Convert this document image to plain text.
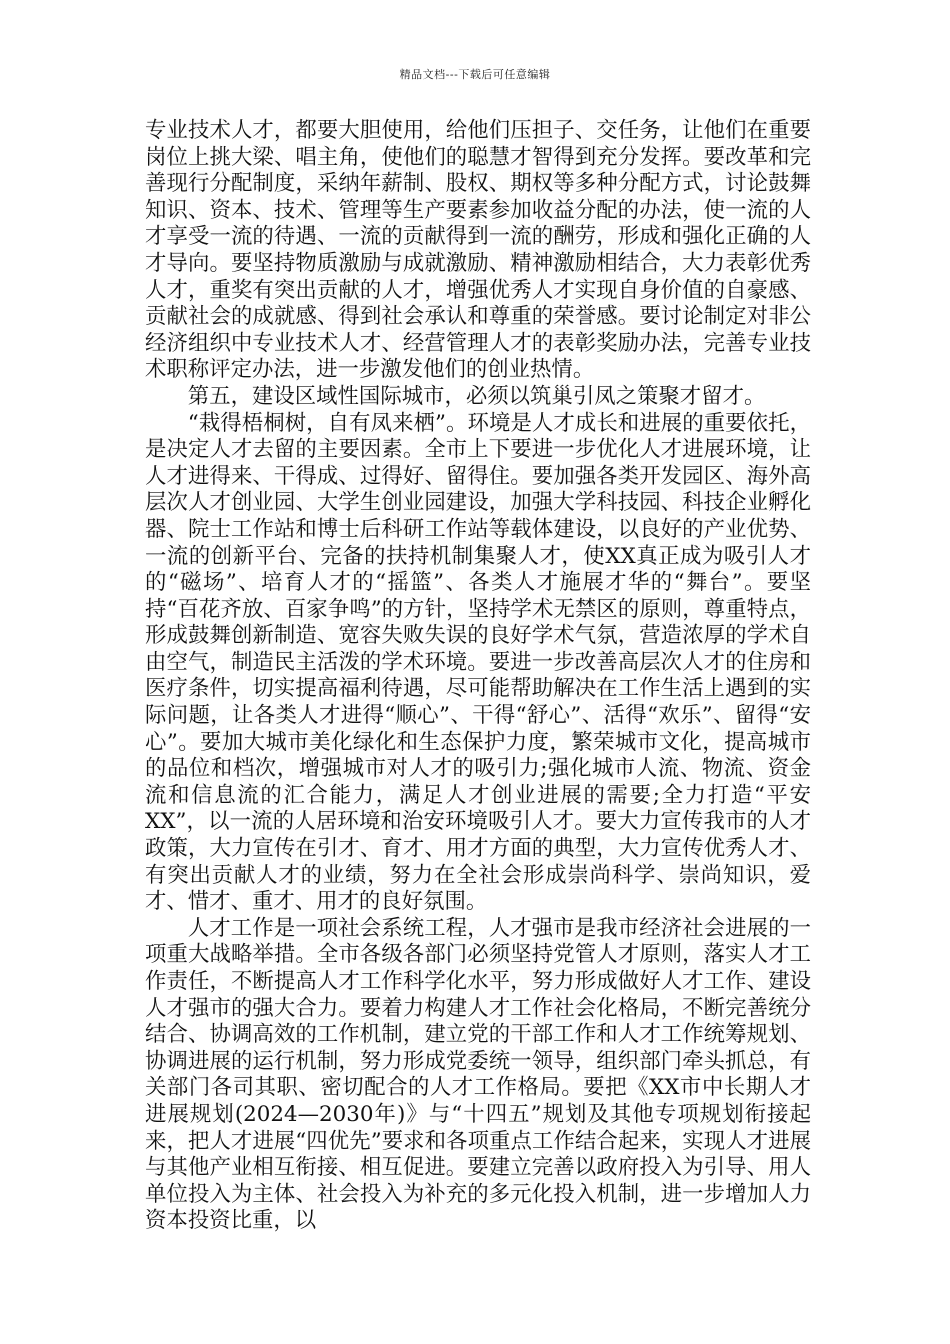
精品文档---下载后可任意编辑

专业技术人才，都要大胆使用，给他们压担子、交任务，让他们在重要岗位上挑大梁、唱主角，使他们的聪慧才智得到充分发挥。要改革和完善现行分配制度，采纳年薪制、股权、期权等多种分配方式，讨论鼓舞知识、资本、技术、管理等生产要素参加收益分配的办法，使一流的人才享受一流的待遇、一流的贡献得到一流的酬劳，形成和强化正确的人才导向。要坚持物质激励与成就激励、精神激励相结合，大力表彰优秀人才，重奖有突出贡献的人才，增强优秀人才实现自身价值的自豪感、贡献社会的成就感、得到社会承认和尊重的荣誉感。要讨论制定对非公经济组织中专业技术人才、经营管理人才的表彰奖励办法，完善专业技术职称评定办法，进一步激发他们的创业热情。

第五，建设区域性国际城市，必须以筑巢引凤之策聚才留才。

“栽得梧桐树，自有凤来栖”。环境是人才成长和进展的重要依托，是决定人才去留的主要因素。全市上下要进一步优化人才进展环境，让人才进得来、干得成、过得好、留得住。要加强各类开发园区、海外高层次人才创业园、大学生创业园建设，加强大学科技园、科技企业孵化器、院士工作站和博士后科研工作站等载体建设，以良好的产业优势、一流的创新平台、完备的扶持机制集聚人才，使XX真正成为吸引人才的“磁场”、培育人才的“摇篮”、各类人才施展才华的“舞台”。要坚持“百花齐放、百家争鸣”的方针，坚持学术无禁区的原则，尊重特点，形成鼓舞创新制造、宽容失败失误的良好学术气氛，营造浓厚的学术自由空气，制造民主活泼的学术环境。要进一步改善高层次人才的住房和医疗条件，切实提高福利待遇，尽可能帮助解决在工作生活上遇到的实际问题，让各类人才进得“顺心”、干得“舒心”、活得“欢乐”、留得“安心”。要加大城市美化绿化和生态保护力度，繁荣城市文化，提高城市的品位和档次，增强城市对人才的吸引力;强化城市人流、物流、资金流和信息流的汇合能力，满足人才创业进展的需要;全力打造“平安XX”，以一流的人居环境和治安环境吸引人才。要大力宣传我市的人才政策，大力宣传在引才、育才、用才方面的典型，大力宣传优秀人才、有突出贡献人才的业绩，努力在全社会形成崇尚科学、崇尚知识，爱才、惜才、重才、用才的良好氛围。

人才工作是一项社会系统工程，人才强市是我市经济社会进展的一项重大战略举措。全市各级各部门必须坚持党管人才原则，落实人才工作责任，不断提高人才工作科学化水平，努力形成做好人才工作、建设人才强市的强大合力。要着力构建人才工作社会化格局，不断完善统分结合、协调高效的工作机制，建立党的干部工作和人才工作统筹规划、协调进展的运行机制，努力形成党委统一领导，组织部门牵头抓总，有关部门各司其职、密切配合的人才工作格局。要把《XX市中长期人才进展规划(2024—2030年)》与“十四五”规划及其他专项规划衔接起来，把人才进展“四优先”要求和各项重点工作结合起来，实现人才进展与其他产业相互衔接、相互促进。要建立完善以政府投入为引导、用人单位投入为主体、社会投入为补充的多元化投入机制，进一步增加人力资本投资比重，以
